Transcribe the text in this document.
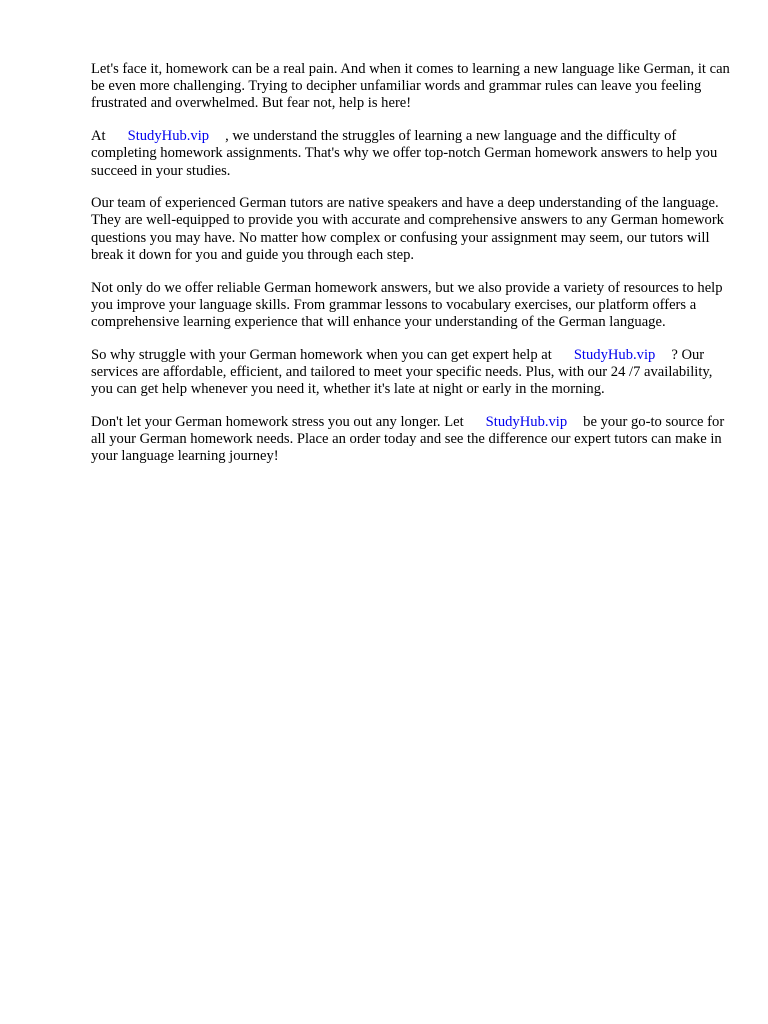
Let's face it, homework can be a real pain. And when it comes to learning a new language like German, it can be even more challenging. Trying to decipher unfamiliar words and grammar rules can leave you feeling frustrated and overwhelmed. But fear not, help is here!

At StudyHub.vip , we understand the struggles of learning a new language and the difficulty of completing homework assignments. That's why we offer top-notch German homework answers to help you succeed in your studies.

Our team of experienced German tutors are native speakers and have a deep understanding of the language. They are well-equipped to provide you with accurate and comprehensive answers to any German homework questions you may have. No matter how complex or confusing your assignment may seem, our tutors will break it down for you and guide you through each step.

Not only do we offer reliable German homework answers, but we also provide a variety of resources to help you improve your language skills. From grammar lessons to vocabulary exercises, our platform offers a comprehensive learning experience that will enhance your understanding of the German language.

So why struggle with your German homework when you can get expert help at StudyHub.vip ? Our services are affordable, efficient, and tailored to meet your specific needs. Plus, with our 24 /7 availability, you can get help whenever you need it, whether it's late at night or early in the morning.

Don't let your German homework stress you out any longer. Let StudyHub.vip be your go-to source for all your German homework needs. Place an order today and see the difference our expert tutors can make in your language learning journey!
